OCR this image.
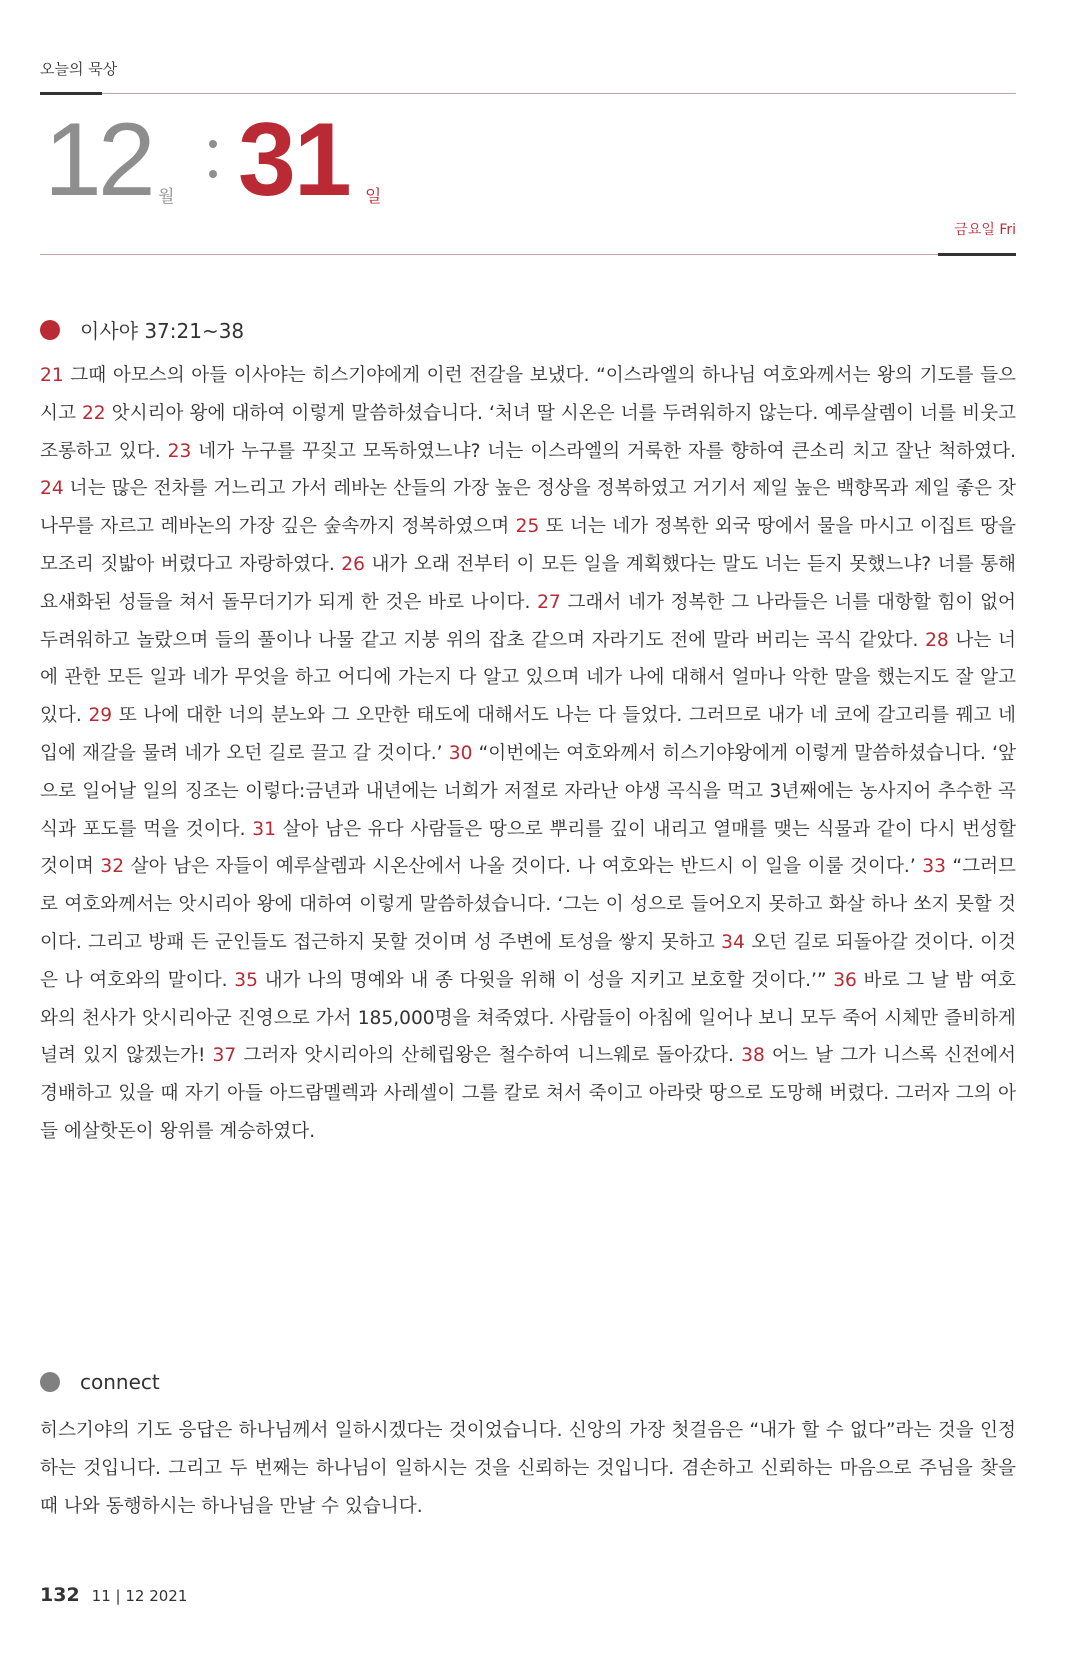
오늘의 묵상
12 월 31 일
금요일 Fri
이사야 37:21~38

21 그때 아모스의 아들 이사야는 히스기야에게 이런 전갈을 보냈다. “이스라엘의 하나님 여호와께서는 왕의 기도를 들으시고 22 앗시리아 왕에 대하여 이렇게 말씀하셨습니다. ‘처녀 딸 시온은 너를 두려워하지 않는다. 예루살렘이 너를 비웃고 조롱하고 있다. 23 네가 누구를 꾸짖고 모독하였느냐? 너는 이스라엘의 거룩한 자를 향하여 큰소리 치고 잘난 척하였다. 24 너는 많은 전차를 거느리고 가서 레바논 산들의 가장 높은 정상을 정복하였고 거기서 제일 높은 백향목과 제일 좋은 잣나무를 자르고 레바논의 가장 깊은 숲속까지 정복하였으며 25 또 너는 네가 정복한 외국 땅에서 물을 마시고 이집트 땅을 모조리 짓밟아 버렸다고 자랑하였다. 26 내가 오래 전부터 이 모든 일을 계획했다는 말도 너는 듣지 못했느냐? 너를 통해 요새화된 성들을 쳐서 돌무더기가 되게 한 것은 바로 나이다. 27 그래서 네가 정복한 그 나라들은 너를 대항할 힘이 없어 두려워하고 놀랐으며 들의 풀이나 나물 같고 지붕 위의 잡초 같으며 자라기도 전에 말라 버리는 곡식 같았다. 28 나는 너에 관한 모든 일과 네가 무엇을 하고 어디에 가는지 다 알고 있으며 네가 나에 대해서 얼마나 악한 말을 했는지도 잘 알고 있다. 29 또 나에 대한 너의 분노와 그 오만한 태도에 대해서도 나는 다 들었다. 그러므로 내가 네 코에 갈고리를 꿰고 네 입에 재갈을 물려 네가 오던 길로 끌고 갈 것이다.’ 30 “이번에는 여호와께서 히스기야왕에게 이렇게 말씀하셨습니다. ‘앞으로 일어날 일의 징조는 이렇다:금년과 내년에는 너희가 저절로 자라난 야생 곡식을 먹고 3년째에는 농사지어 추수한 곡식과 포도를 먹을 것이다. 31 살아 남은 유다 사람들은 땅으로 뿌리를 깊이 내리고 열매를 맺는 식물과 같이 다시 번성할 것이며 32 살아 남은 자들이 예루살렘과 시온산에서 나올 것이다. 나 여호와는 반드시 이 일을 이룰 것이다.’ 33 “그러므로 여호와께서는 앗시리아 왕에 대하여 이렇게 말씀하셨습니다. ‘그는 이 성으로 들어오지 못하고 화살 하나 쏘지 못할 것이다. 그리고 방패 든 군인들도 접근하지 못할 것이며 성 주변에 토성을 쌓지 못하고 34 오던 길로 되돌아갈 것이다. 이것은 나 여호와의 말이다. 35 내가 나의 명예와 내 종 다윗을 위해 이 성을 지키고 보호할 것이다.’” 36 바로 그 날 밤 여호와의 천사가 앗시리아군 진영으로 가서 185,000명을 쳐죽였다. 사람들이 아침에 일어나 보니 모두 죽어 시체만 즐비하게 널려 있지 않겠는가! 37 그러자 앗시리아의 산헤립왕은 철수하여 니느웨로 돌아갔다. 38 어느 날 그가 니스록 신전에서 경배하고 있을 때 자기 아들 아드람멜렉과 사레셀이 그를 칼로 쳐서 죽이고 아라랏 땅으로 도망해 버렸다. 그러자 그의 아들 에살핫돈이 왕위를 계승하였다.

connect

히스기야의 기도 응답은 하나님께서 일하시겠다는 것이었습니다. 신앙의 가장 첫걸음은 “내가 할 수 없다”라는 것을 인정하는 것입니다. 그리고 두 번째는 하나님이 일하시는 것을 신뢰하는 것입니다. 겸손하고 신뢰하는 마음으로 주님을 찾을 때 나와 동행하시는 하나님을 만날 수 있습니다.

132 11 | 12 2021
